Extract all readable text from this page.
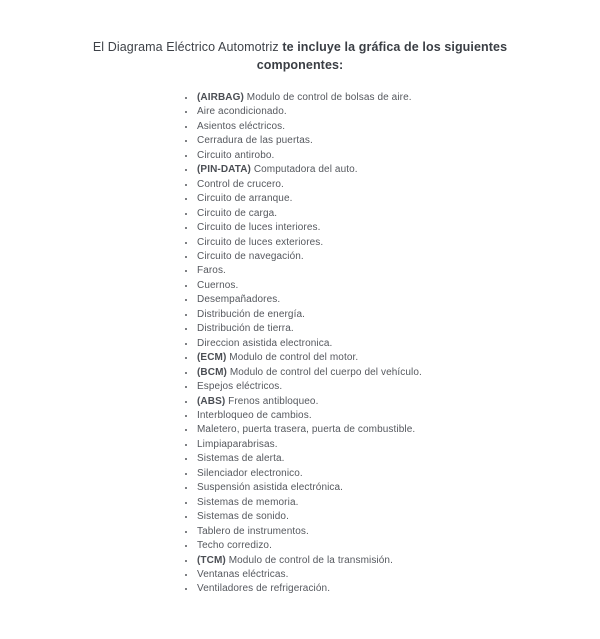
El Diagrama Eléctrico Automotriz te incluye la gráfica de los siguientes
componentes:
• (AIRBAG) Modulo de control de bolsas de aire.
• Aire acondicionado.
• Asientos eléctricos.
• Cerradura de las puertas.
• Circuito antirobo.
• (PIN-DATA) Computadora del auto.
• Control de crucero.
• Circuito de arranque.
• Circuito de carga.
• Circuito de luces interiores.
• Circuito de luces exteriores.
• Circuito de navegación.
• Faros.
• Cuernos.
• Desempañadores.
• Distribución de energía.
• Distribución de tierra.
• Direccion asistida electronica.
• (ECM) Modulo de control del motor.
• (BCM) Modulo de control del cuerpo del vehículo.
• Espejos eléctricos.
• (ABS) Frenos antibloqueo.
• Interbloqueo de cambios.
• Maletero, puerta trasera, puerta de combustible.
• Limpiaparabrisas.
• Sistemas de alerta.
• Silenciador electronico.
• Suspensión asistida electrónica.
• Sistemas de memoria.
• Sistemas de sonido.
• Tablero de instrumentos.
• Techo corredizo.
• (TCM) Modulo de control de la transmisión.
• Ventanas eléctricas.
• Ventiladores de refrigeración.
